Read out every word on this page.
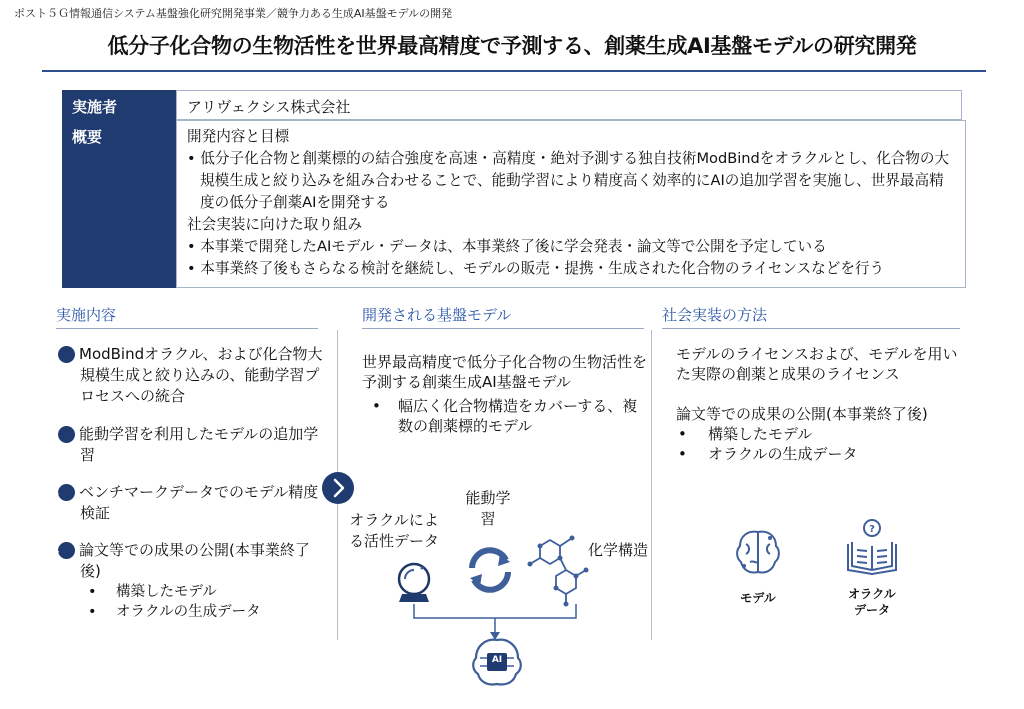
ポスト５Ｇ情報通信システム基盤強化研究開発事業／競争力ある生成AI基盤モデルの開発
低分子化合物の生物活性を世界最高精度で予測する、創薬生成AI基盤モデルの研究開発
実施者	アリヴェクシス株式会社
概要	開発内容と目標
• 低分子化合物と創薬標的の結合強度を高速・高精度・絶対予測する独自技術ModBindをオラクルとし、化合物の大規模生成と絞り込みを組み合わせることで、能動学習により精度高く効率的にAIの追加学習を実施し、世界最高精度の低分子創薬AIを開発する
社会実装に向けた取り組み
• 本事業で開発したAIモデル・データは、本事業終了後に学会発表・論文等で公開を予定している
• 本事業終了後もさらなる検討を継続し、モデルの販売・提携・生成された化合物のライセンスなどを行う
実施内容	開発される基盤モデル	社会実装の方法
1 ModBindオラクル、および化合物大規模生成と絞り込みの、能動学習プロセスへの統合
2 能動学習を利用したモデルの追加学習
3 ベンチマークデータでのモデル精度検証
4 論文等での成果の公開(本事業終了後)
• 構築したモデル
• オラクルの生成データ
世界最高精度で低分子化合物の生物活性を予測する創薬生成AI基盤モデル
• 幅広く化合物構造をカバーする、複数の創薬標的モデル
能動学習
オラクルによる活性データ	化学構造
AI
モデルのライセンスおよび、モデルを用いた実際の創薬と成果のライセンス
論文等での成果の公開(本事業終了後)
• 構築したモデル
• オラクルの生成データ
モデル
?
オラクルデータ
